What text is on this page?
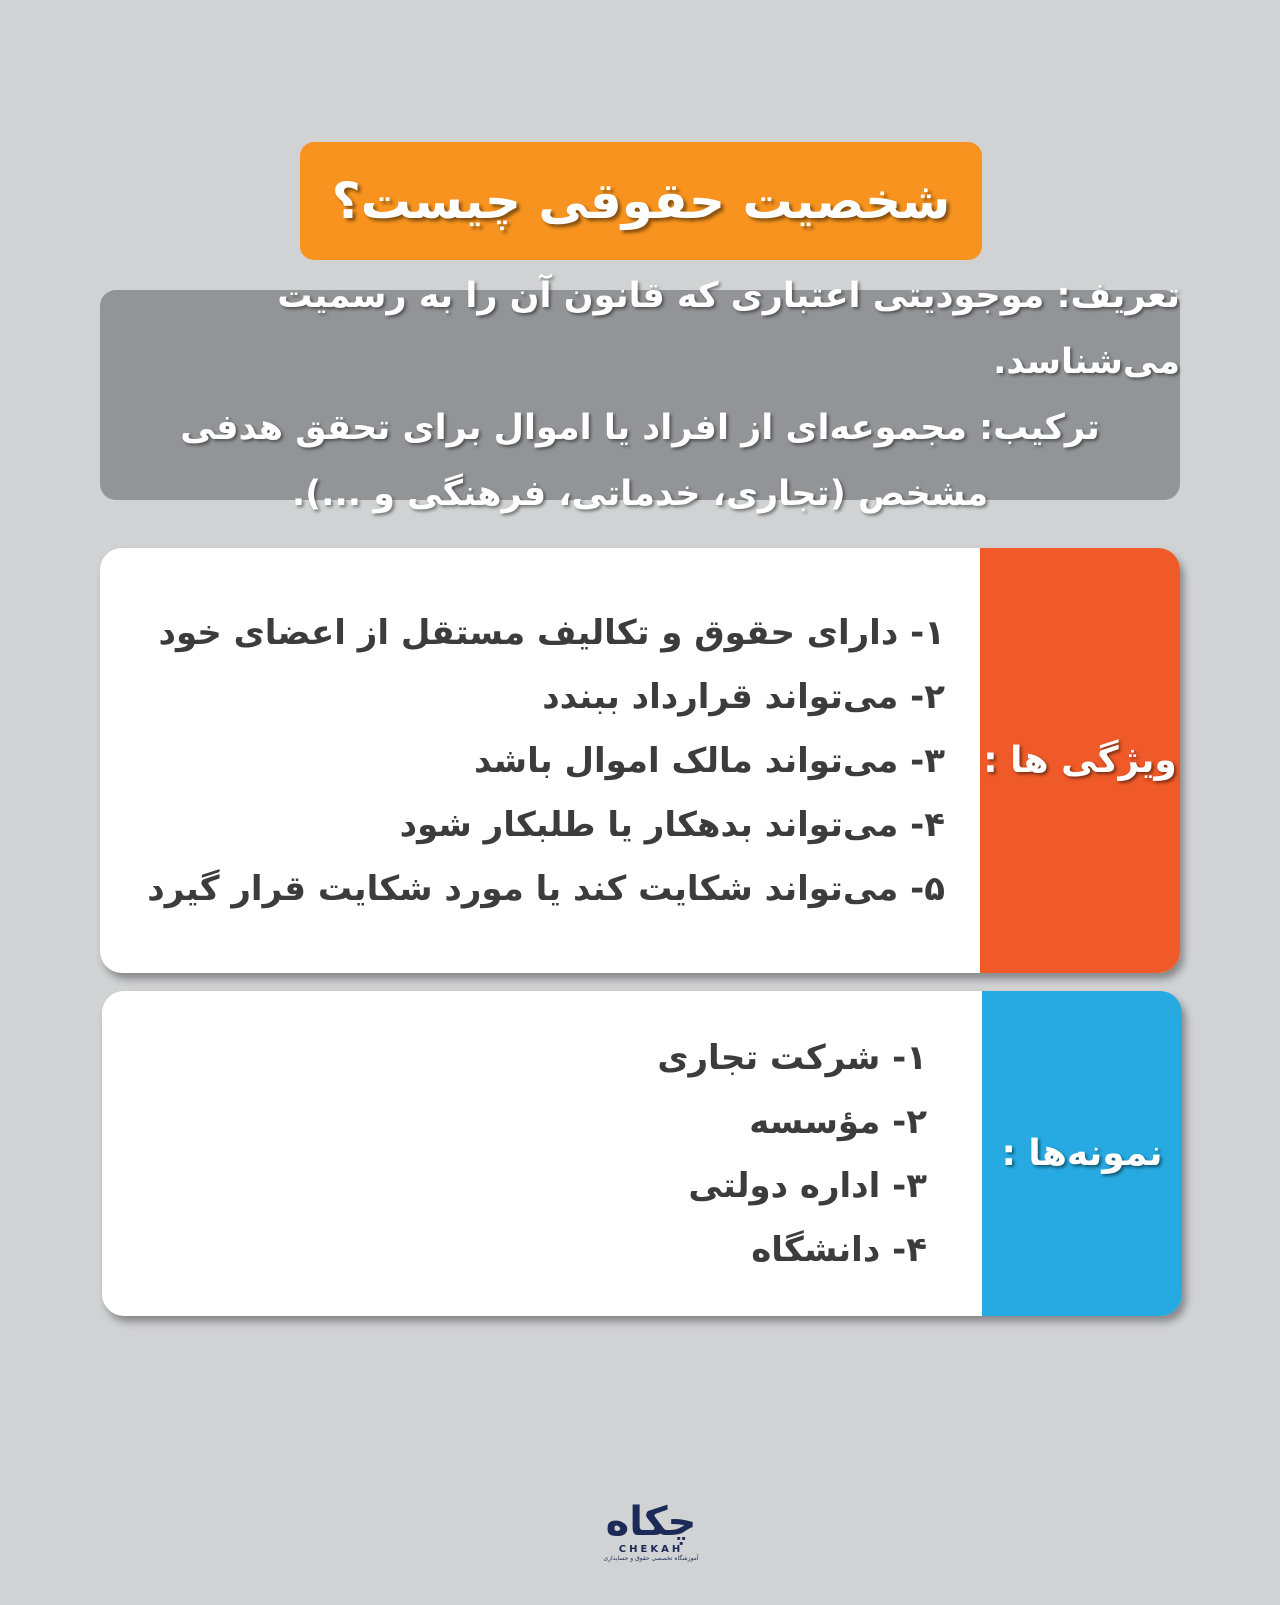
شخصیت حقوقی چیست؟
تعریف: موجودیتی اعتباری که قانون آن را به رسمیت می‌شناسد.
ترکیب: مجموعه‌ای از افراد یا اموال برای تحقق هدفی
مشخص (تجاری، خدماتی، فرهنگی و ...).
ویژگی ها :
۱- دارای حقوق و تکالیف مستقل از اعضای خود
۲- می‌تواند قرارداد ببندد
۳- می‌تواند مالک اموال باشد
۴- می‌تواند بدهکار یا طلبکار شود
۵- می‌تواند شکایت کند یا مورد شکایت قرار گیرد
نمونه‌ها :
۱- شرکت تجاری
۲- مؤسسه
۳- اداره دولتی
۴- دانشگاه
چکاه
CHEKAH
آموزشگاه تخصصی حقوق و حسابداری
